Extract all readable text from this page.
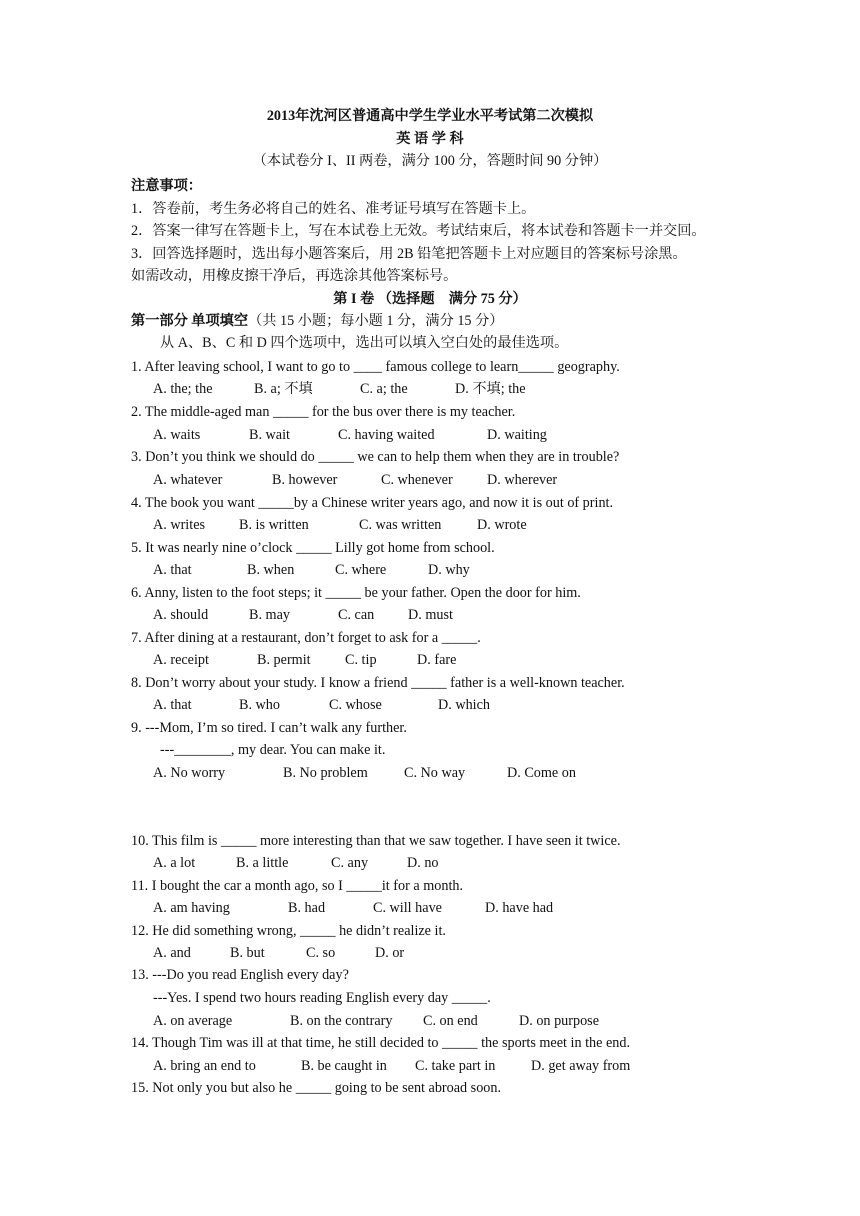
2013年沈河区普通高中学生学业水平考试第二次模拟
英 语 学 科
（本试卷分 I、II 两卷，满分 100 分，答题时间 90 分钟）
注意事项：
1．答卷前，考生务必将自己的姓名、准考证号填写在答题卡上。
2．答案一律写在答题卡上，写在本试卷上无效。考试结束后，将本试卷和答题卡一并交回。
3．回答选择题时，选出每小题答案后，用 2B 铅笔把答题卡上对应题目的答案标号涂黑。
如需改动，用橡皮擦干净后，再选涂其他答案标号。
第 I 卷 （选择题　满分 75 分）
第一部分 单项填空（共 15 小题；每小题 1 分，满分 15 分）
从 A、B、C 和 D 四个选项中，选出可以填入空白处的最佳选项。
1. After leaving school, I want to go to ____ famous college to learn_____ geography.
A. the; the	B. a; 不填	C. a; the	D. 不填; the
2. The middle-aged man _____ for the bus over there is my teacher.
A. waits	B. wait	C. having waited	D. waiting
3. Don’t you think we should do _____ we can to help them when they are in trouble?
A. whatever	B. however	C. whenever D. wherever
4. The book you want _____by a Chinese writer years ago, and now it is out of print.
A. writes B. is written	C. was written	D. wrote
5. It was nearly nine o’clock _____ Lilly got home from school.
A. that	B. when	C. where	D. why
6. Anny, listen to the foot steps; it _____ be your father. Open the door for him.
A. should	B. may	C. can D. must
7. After dining at a restaurant, don’t forget to ask for a _____.
A. receipt	B. permit C. tip	D. fare
8. Don’t worry about your study. I know a friend _____ father is a well-known teacher.
A. that	B. who	C. whose	D. which
9. ---Mom, I’m so tired. I can’t walk any further.
---________, my dear. You can make it.
A. No worry	B. No problem	C. No way	D. Come on
10. This film is _____ more interesting than that we saw together. I have seen it twice.
A. a lot	B. a little	C. any	D. no
11. I bought the car a month ago, so I _____it for a month.
A. am having	B. had	C. will have	D. have had
12. He did something wrong, _____ he didn’t realize it.
A. and	B. but	C. so	D. or
13. ---Do you read English every day?
---Yes. I spend two hours reading English every day _____.
A. on average	B. on the contrary C. on end	D. on purpose
14. Though Tim was ill at that time, he still decided to _____ the sports meet in the end.
A. bring an end to	B. be caught in C. take part in	D. get away from
15. Not only you but also he _____ going to be sent abroad soon.
